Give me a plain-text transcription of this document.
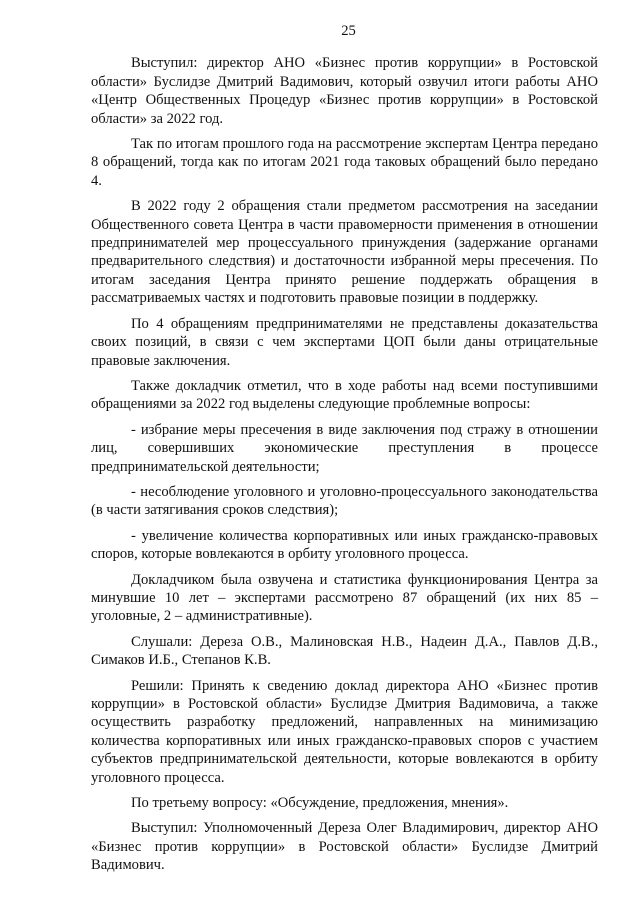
25

Выступил: директор АНО «Бизнес против коррупции» в Ростовской области» Буслидзе Дмитрий Вадимович, который озвучил итоги работы АНО «Центр Общественных Процедур «Бизнес против коррупции» в Ростовской области» за 2022 год.

Так по итогам прошлого года на рассмотрение экспертам Центра передано 8 обращений, тогда как по итогам 2021 года таковых обращений было передано 4.

В 2022 году 2 обращения стали предметом рассмотрения на заседании Общественного совета Центра в части правомерности применения в отношении предпринимателей мер процессуального принуждения (задержание органами предварительного следствия) и достаточности избранной меры пресечения. По итогам заседания Центра принято решение поддержать обращения в рассматриваемых частях и подготовить правовые позиции в поддержку.

По 4 обращениям предпринимателями не представлены доказательства своих позиций, в связи с чем экспертами ЦОП были даны отрицательные правовые заключения.

Также докладчик отметил, что в ходе работы над всеми поступившими обращениями за 2022 год выделены следующие проблемные вопросы:

- избрание меры пресечения в виде заключения под стражу в отношении лиц, совершивших экономические преступления в процессе предпринимательской деятельности;

- несоблюдение уголовного и уголовно-процессуального законодательства (в части затягивания сроков следствия);

- увеличение количества корпоративных или иных гражданско-правовых споров, которые вовлекаются в орбиту уголовного процесса.

Докладчиком была озвучена и статистика функционирования Центра за минувшие 10 лет – экспертами рассмотрено 87 обращений (их них 85 – уголовные, 2 – административные).

Слушали: Дереза О.В., Малиновская Н.В., Надеин Д.А., Павлов Д.В., Симаков И.Б., Степанов К.В.

Решили: Принять к сведению доклад директора АНО «Бизнес против коррупции» в Ростовской области» Буслидзе Дмитрия Вадимовича, а также осуществить разработку предложений, направленных на минимизацию количества корпоративных или иных гражданско-правовых споров с участием субъектов предпринимательской деятельности, которые вовлекаются в орбиту уголовного процесса.

По третьему вопросу: «Обсуждение, предложения, мнения».

Выступил: Уполномоченный Дереза Олег Владимирович, директор АНО «Бизнес против коррупции» в Ростовской области» Буслидзе Дмитрий Вадимович.
